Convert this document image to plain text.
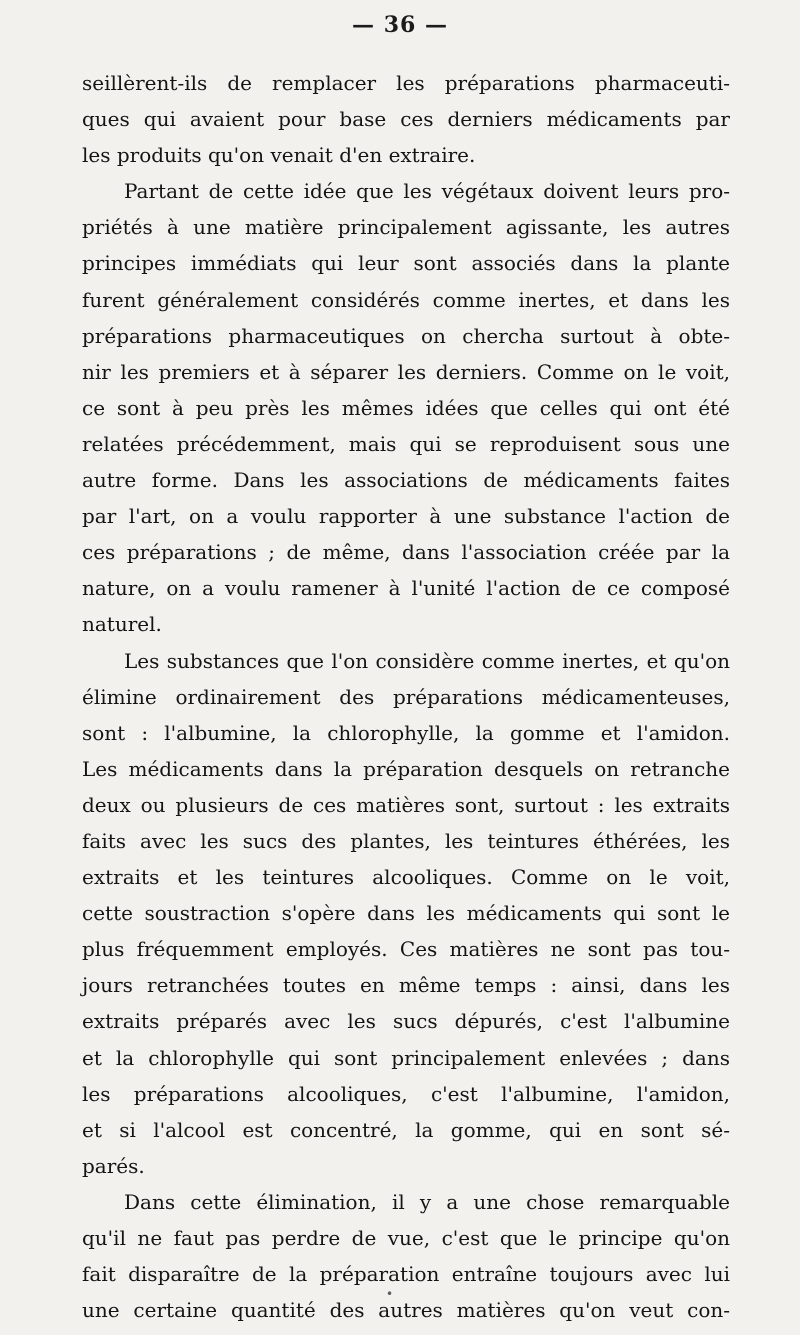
— 36 —
seillèrent-ils de remplacer les préparations pharmaceuti-
ques qui avaient pour base ces derniers médicaments par
les produits qu'on venait d'en extraire.
Partant de cette idée que les végétaux doivent leurs pro-
priétés à une matière principalement agissante, les autres
principes immédiats qui leur sont associés dans la plante
furent généralement considérés comme inertes, et dans les
préparations pharmaceutiques on chercha surtout à obte-
nir les premiers et à séparer les derniers. Comme on le voit,
ce sont à peu près les mêmes idées que celles qui ont été
relatées précédemment, mais qui se reproduisent sous une
autre forme. Dans les associations de médicaments faites
par l'art, on a voulu rapporter à une substance l'action de
ces préparations ; de même, dans l'association créée par la
nature, on a voulu ramener à l'unité l'action de ce composé
naturel.
Les substances que l'on considère comme inertes, et qu'on
élimine ordinairement des préparations médicamenteuses,
sont : l'albumine, la chlorophylle, la gomme et l'amidon.
Les médicaments dans la préparation desquels on retranche
deux ou plusieurs de ces matières sont, surtout : les extraits
faits avec les sucs des plantes, les teintures éthérées, les
extraits et les teintures alcooliques. Comme on le voit,
cette soustraction s'opère dans les médicaments qui sont le
plus fréquemment employés. Ces matières ne sont pas tou-
jours retranchées toutes en même temps : ainsi, dans les
extraits préparés avec les sucs dépurés, c'est l'albumine
et la chlorophylle qui sont principalement enlevées ; dans
les préparations alcooliques, c'est l'albumine, l'amidon,
et si l'alcool est concentré, la gomme, qui en sont sé-
parés.
Dans cette élimination, il y a une chose remarquable
qu'il ne faut pas perdre de vue, c'est que le principe qu'on
fait disparaître de la préparation entraîne toujours avec lui
une certaine quantité des autres matières qu'on veut con-
•
